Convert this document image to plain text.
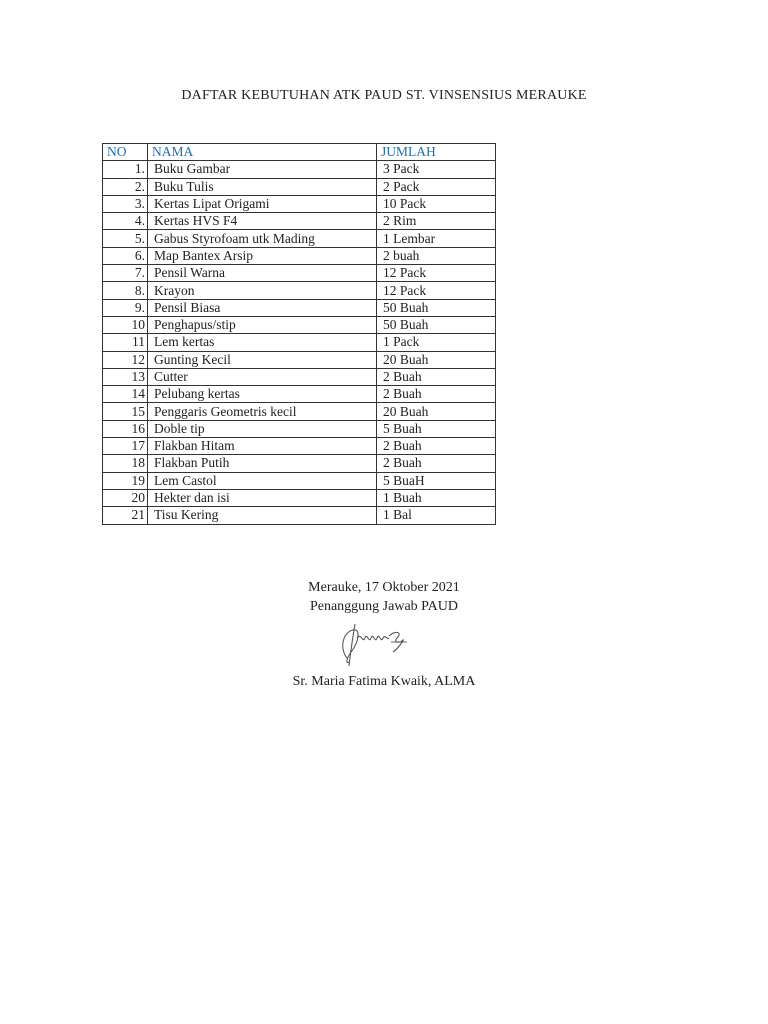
DAFTAR KEBUTUHAN ATK PAUD ST. VINSENSIUS MERAUKE
NO	NAMA	JUMLAH
1.	Buku Gambar	3 Pack
2.	Buku Tulis	2 Pack
3.	Kertas Lipat Origami	10 Pack
4.	Kertas HVS F4	2 Rim
5.	Gabus Styrofoam utk Mading	1 Lembar
6.	Map Bantex Arsip	2 buah
7.	Pensil Warna	12 Pack
8.	Krayon	12 Pack
9.	Pensil Biasa	50 Buah
10	Penghapus/stip	50 Buah
11	Lem kertas	1 Pack
12	Gunting Kecil	20 Buah
13	Cutter	2 Buah
14	Pelubang kertas	2 Buah
15	Penggaris Geometris kecil	20 Buah
16	Doble tip	5 Buah
17	Flakban Hitam	2 Buah
18	Flakban Putih	2 Buah
19	Lem Castol	5 BuaH
20	Hekter dan isi	1 Buah
21	Tisu Kering	1 Bal
Merauke, 17 Oktober 2021
Penanggung Jawab PAUD
Sr. Maria Fatima Kwaik, ALMA
